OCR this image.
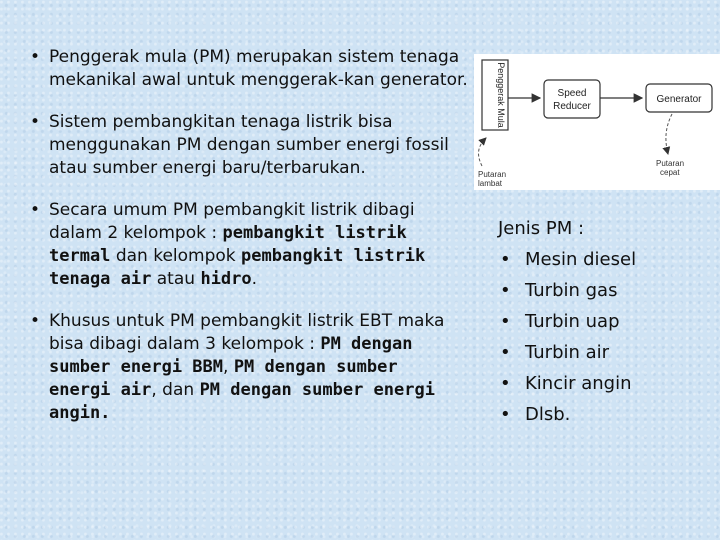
• Penggerak mula (PM) merupakan sistem tenaga mekanikal awal untuk menggerak-kan generator.
• Sistem pembangkitan tenaga listrik bisa menggunakan PM dengan sumber energi fossil atau sumber energi baru/terbarukan.
• Secara umum PM pembangkit listrik dibagi dalam 2 kelompok : pembangkit listrik termal dan kelompok pembangkit listrik tenaga air atau hidro.
• Khusus untuk PM pembangkit listrik EBT maka bisa dibagi dalam 3 kelompok : PM dengan sumber energi BBM, PM dengan sumber energi air, dan PM dengan sumber energi angin.
Penggerak Mula	Speed
Reducer
Generator
Putaran
lambat
Putaran
cepat
Jenis PM :
• Mesin diesel
• Turbin gas
• Turbin uap
• Turbin air
• Kincir angin
• Dlsb.
